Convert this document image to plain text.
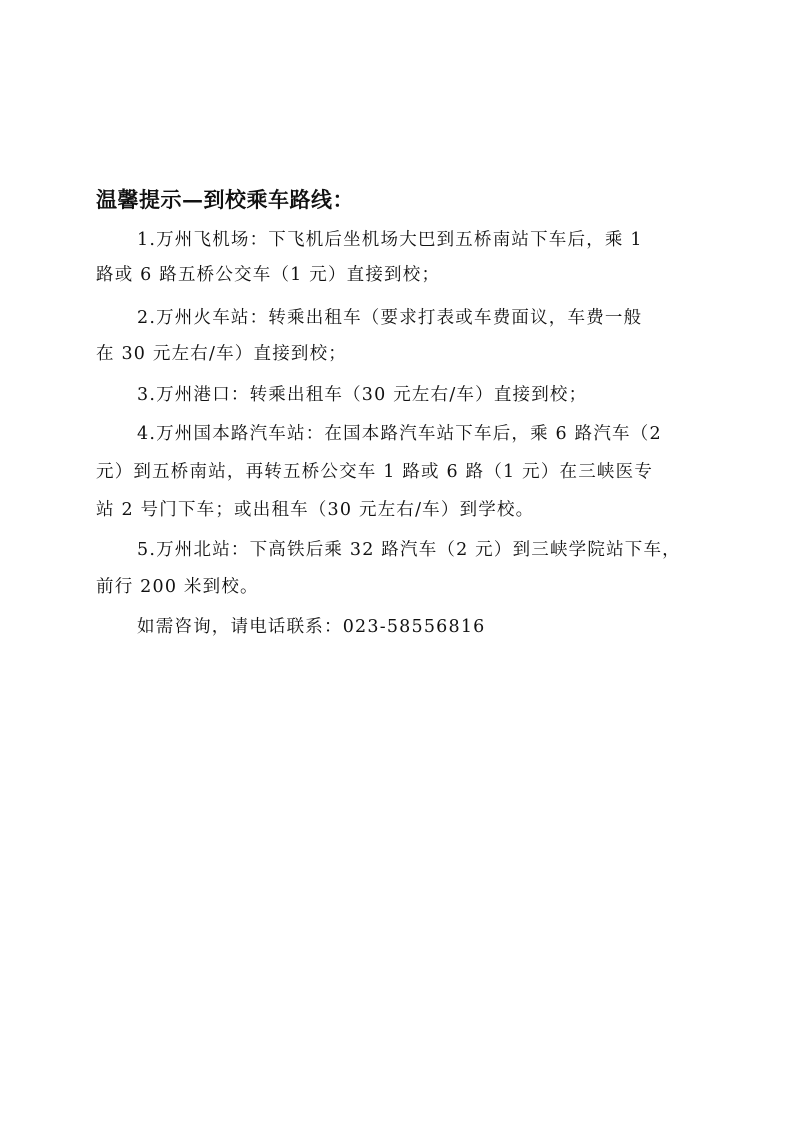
温馨提示—到校乘车路线：
1.万州飞机场：下飞机后坐机场大巴到五桥南站下车后，乘 1
路或 6 路五桥公交车（1 元）直接到校；
2.万州火车站：转乘出租车（要求打表或车费面议，车费一般
在 30 元左右/车）直接到校；
3.万州港口：转乘出租车（30 元左右/车）直接到校；
4.万州国本路汽车站：在国本路汽车站下车后，乘 6 路汽车（2
元）到五桥南站，再转五桥公交车 1 路或 6 路（1 元）在三峡医专
站 2 号门下车；或出租车（30 元左右/车）到学校。
5.万州北站：下高铁后乘 32 路汽车（2 元）到三峡学院站下车，
前行 200 米到校。
如需咨询，请电话联系：023-58556816
